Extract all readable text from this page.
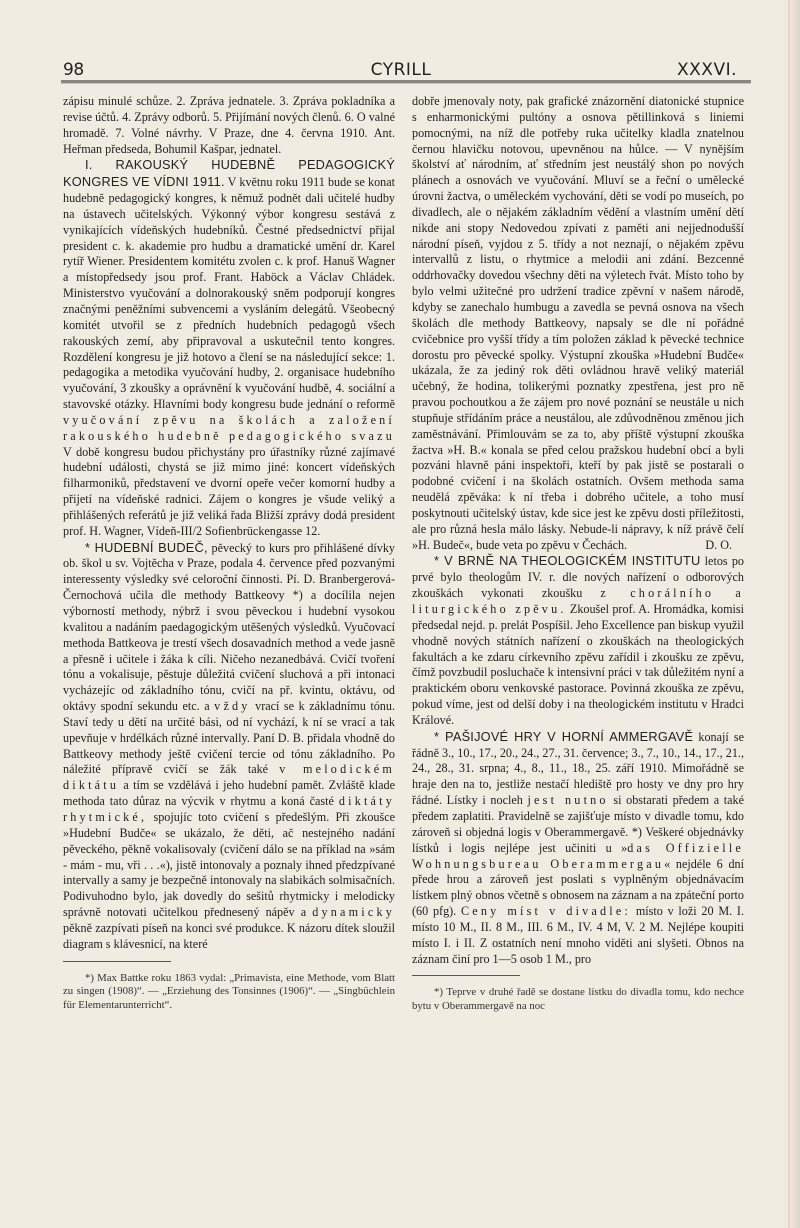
98	CYRILL	XXXVI.

zápisu minulé schůze. 2. Zpráva jednatele. 3. Zpráva pokladníka a revise účtů. 4. Zprávy odborů. 5. Přijímání nových členů. 6. O valné hromadě. 7. Volné návrhy. V Praze, dne 4. června 1910. Ant. Heřman předseda, Bohumil Kašpar, jednatel.

I. RAKOUSKÝ HUDEBNĚ PEDAGOGICKÝ KONGRES VE VÍDNI 1911. V květnu roku 1911 bude se konat hudebně pedagogický kongres, k němuž podnět dali učitelé hudby na ústavech učitelských. Výkonný výbor kongresu sestává z vynikajících vídeňských hudebníků. Čestné předsednictví přijal president c. k. akademie pro hudbu a dramatické umění dr. Karel rytíř Wiener. Presidentem komitétu zvolen c. k prof. Hanuš Wagner a místopředsedy jsou prof. Frant. Haböck a Václav Chládek. Ministerstvo vyučování a dolnorakouský sněm podporují kongres značnými peněžními subvencemi a vysláním delegátů. Všeobecný komitét utvořil se z předních hudebních pedagogů všech rakouských zemí, aby připravoval a uskutečnil tento kongres. Rozdělení kongresu je již hotovo a člení se na následující sekce: 1. pedagogika a metodika vyučování hudby, 2. organisace hudebního vyučování, 3 zkoušky a oprávnění k vyučování hudbě, 4. sociální a stavovské otázky. Hlavními body kongresu bude jednání o reformě vyučování zpěvu na školách a založení rakouského hudebně pedagogického svazu V době kongresu budou přichystány pro úřastníky různé zajímavé hudební události, chystá se již mimo jiné: koncert vídeňských filharmoniků, představení ve dvorní opeře večer komorní hudby a přijetí na vídeňské radnici. Zájem o kongres je všude veliký a přihlášených referátů je již veliká řada Bližší zprávy dodá president prof. H. Wagner, Vídeň-III/2 Sofienbrückengasse 12.

* HUDEBNÍ BUDEČ, pěvecký to kurs pro přihlášené dívky ob. škol u sv. Vojtěcha v Praze, podala 4. července před pozvanými interessenty výsledky své celoroční činnosti. Pí. D. Branbergerová-Černochová učila dle methody Battkeovy *) a docílila nejen výborností methody, nýbrž i svou pěveckou i hudební vysokou kvalitou a nadáním paedagogickým utěšených výsledků. Vyučovací methoda Battkeova je trestí všech dosavadních method a vede jasně a přesně i učitele i žáka k cíli. Ničeho nezanedbává. Cvičí tvoření tónu a vokalisuje, pěstuje důležitá cvičení sluchová a při intonaci vycházejíc od základního tónu, cvičí na př. kvintu, oktávu, od oktávy spodní sekundu etc. a vždy vrací se k základnímu tónu. Staví tedy u dětí na určité bási, od ní vychází, k ní se vrací a tak upevňuje v hrdélkách různé intervally. Paní D. B. přidala vhodně do Battkeovy methody ještě cvičení tercie od tónu základního. Po náležité přípravě cvičí se žák také v melodickém diktátu a tím se vzdělává i jeho hudební pamět. Zvláště klade methoda tato důraz na výcvik v rhytmu a koná časté diktáty rhytmické, spojujíc toto cvičení s předešlým. Při zkoušce »Hudební Budče« se ukázalo, že děti, ač nestejného nadání pěveckého, pěkně vokalisovaly (cvičení dálo se na příklad na »sám - mám - mu, vři . . .«), jistě intonovaly a poznaly ihned předzpívané intervally a samy je bezpečně intonovaly na slabikách solmisačních. Podivuhodno bylo, jak dovedly do sešitů rhytmicky i melodicky správně notovati učitelkou přednesený nápěv a dynamicky pěkně zazpívati píseň na konci své produkce. K názoru dítek sloužil diagram s klávesnicí, na které

*) Max Battke roku 1863 vydal: „Primavista, eine Methode, vom Blatt zu singen (1908)“. — „Erziehung des Tonsinnes (1906)“. — „Singbüchlein für Elementarunterricht“.

dobře jmenovaly noty, pak grafické znázornění diatonické stupnice s enharmonickými pultóny a osnova pětillinková s liniemi pomocnými, na níž dle potřeby ruka učitelky kladla znatelnou černou hlavičku notovou, upevněnou na hůlce. — V nynějším školství ať národním, ať středním jest neustálý shon po nových plánech a osnovách ve vyučování. Mluví se a řeční o umělecké úrovni žactva, o uměleckém vychování, děti se vodí po museích, po divadlech, ale o nějakém základním vědění a vlastním umění dětí nikde ani stopy Nedovedou zpívati z paměti ani nejjednodušší národní píseň, vyjdou z 5. třídy a not neznají, o nějakém zpěvu intervallů z listu, o rhytmice a melodii ani zdání. Bezcenné oddrhovačky dovedou všechny děti na výletech řvát. Místo toho by bylo velmi užitečné pro udržení tradice zpěvní v našem národě, kdyby se zanechalo humbugu a zavedla se pevná osnova na všech školách dle methody Battkeovy, napsaly se dle ní pořádné cvičebnice pro vyšší třídy a tím položen základ k pěvecké technice dorostu pro pěvecké spolky. Výstupní zkouška »Hudební Budče« ukázala, že za jediný rok děti ovládnou hravě veliký materiál učebný, že hodina, tolikerými poznatky zpestřena, jest pro ně pravou pochoutkou a že zájem pro nové poznání se neustále u nich stupňuje střídáním práce a neustálou, ale zdůvodněnou změnou jich zaměstnávání. Přimlouvám se za to, aby příště výstupní zkouška žactva »H. B.« konala se před celou pražskou hudební obcí a byli pozváni hlavně páni inspektoři, kteří by pak jistě se postarali o podobné cvičení i na školách ostatních. Ovšem methoda sama neudělá zpěváka: k ní třeba i dobrého učitele, a toho musí poskytnouti učitelský ústav, kde sice jest ke zpěvu dosti příležitosti, ale pro různá hesla málo lásky. Nebude-li nápravy, k níž právě čelí »H. Budeč«, bude veta po zpěvu v Čechách.	D. O.

* V BRNĚ NA THEOLOGICKÉM INSTITUTU letos po prvé bylo theologům IV. r. dle nových nařízení o odborových zkouškách vykonati zkoušku z chorálního a liturgického zpěvu. Zkoušel prof. A. Hromádka, komisi předsedal nejd. p. prelát Pospíšil. Jeho Excellence pan biskup využil vhodně nových státních nařízení o zkouškách na theologických fakultách a ke zdaru církevního zpěvu zařídil i zkoušku ze zpěvu, čímž povzbudil posluchače k intensivní práci v tak důležitém nyní a praktickém oboru venkovské pastorace. Povinná zkouška ze zpěvu, pokud víme, jest od delší doby i na theologickém institutu v Hradci Králové.

* PAŠIJOVÉ HRY V HORNÍ AMMERGAVĚ konají se řádně 3., 10., 17., 20., 24., 27., 31. července; 3., 7., 10., 14., 17., 21., 24., 28., 31. srpna; 4., 8., 11., 18., 25. září 1910. Mimořádně se hraje den na to, jestliže nestačí hlediště pro hosty ve dny pro hry řádné. Lístky i nocleh jest nutno si obstarati předem a také předem zaplatiti. Pravidelně se zajišťuje místo v divadle tomu, kdo zároveň si objedná logis v Oberammergavě. *) Veškeré objednávky lístků i logis nejlépe jest učiniti u »das Offizielle Wohnungsbureau Oberammergau« nejdéle 6 dní přede hrou a zároveň jest poslati s vyplněným objednávacím lístkem plný obnos včetně s obnosem na záznam a na zpáteční porto (60 pfg). Ceny míst v divadle: místo v loži 20 M. I. místo 10 M., II. 8 M., III. 6 M., IV. 4 M, V. 2 M. Nejlépe koupiti místo I. i II. Z ostatních není mnoho viděti ani slyšeti. Obnos na záznam činí pro 1—5 osob 1 M., pro

*) Teprve v druhé řadě se dostane lístku do divadla tomu, kdo nechce bytu v Oberammergavě na noc
